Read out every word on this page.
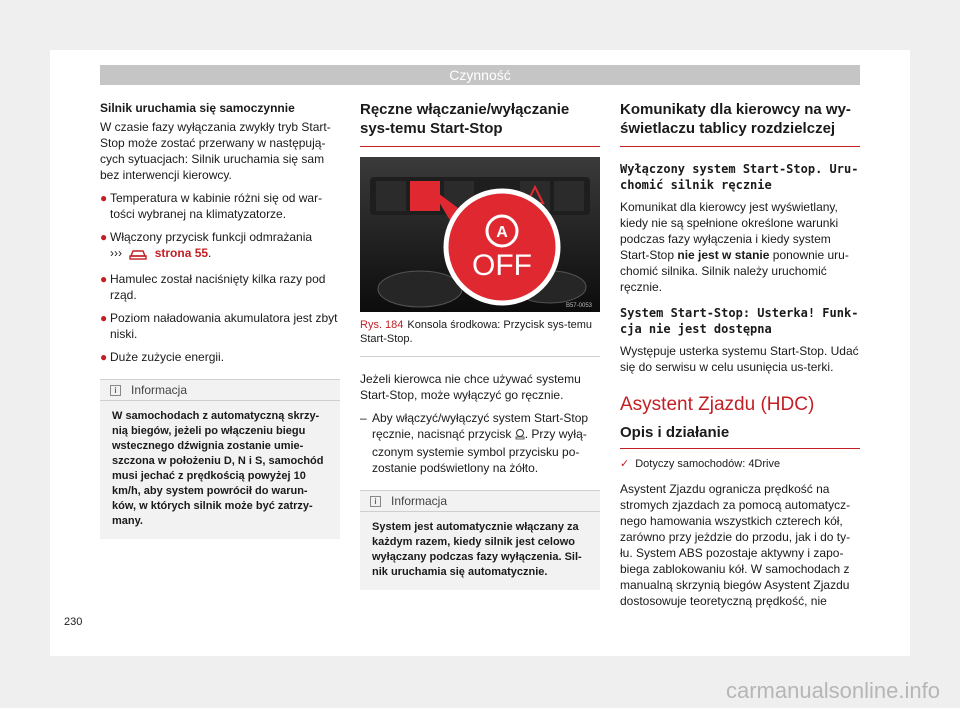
Czynność
Silnik uruchamia się samoczynnie

W czasie fazy wyłączania zwykły tryb Start-Stop może zostać przerwany w następują-cych sytuacjach: Silnik uruchamia się sam bez interwencji kierowcy.

● Temperatura w kabinie różni się od war-tości wybranej na klimatyzatorze.

● Włączony przycisk funkcji odmrażania
›››	strona 55.

● Hamulec został naciśnięty kilka razy pod rząd.

● Poziom naładowania akumulatora jest zbyt niski.

● Duże zużycie energii.

i	Informacja
W samochodach z automatyczną skrzy-nią biegów, jeżeli po włączeniu biegu wstecznego dźwignia zostanie umie-szczona w położeniu D, N i S, samochód musi jechać z prędkością powyżej 10 km/h, aby system powrócił do warun-ków, w których silnik może być zatrzy-many.
Ręczne włączanie/wyłączanie sys-temu Start-Stop
A
OFF
B57-0053

Rys. 184 Konsola środkowa: Przycisk sys-temu Start-Stop.

Jeżeli kierowca nie chce używać systemu Start-Stop, może wyłączyć go ręcznie.

– Aby włączyć/wyłączyć system Start-Stop ręcznie, nacisnąć przycisk . Przy wyłą-czonym systemie symbol przycisku po-zostanie podświetlony na żółto.

i	Informacja
System jest automatycznie włączany za każdym razem, kiedy silnik jest celowo wyłączany podczas fazy wyłączenia. Sil-nik uruchamia się automatycznie.
Komunikaty dla kierowcy na wy-świetlaczu tablicy rozdzielczej

Wyłączony system Start-Stop. Uru-chomić silnik ręcznie

Komunikat dla kierowcy jest wyświetlany, kiedy nie są spełnione określone warunki podczas fazy wyłączenia i kiedy system Start-Stop nie jest w stanie ponownie uru-chomić silnika. Silnik należy uruchomić ręcznie.

System Start-Stop: Usterka! Funk-cja nie jest dostępna

Występuje usterka systemu Start-Stop. Udać się do serwisu w celu usunięcia us-terki.

Asystent Zjazdu (HDC)
Opis i działanie

✓ Dotyczy samochodów: 4Drive

Asystent Zjazdu ogranicza prędkość na stromych zjazdach za pomocą automatycz-nego hamowania wszystkich czterech kół, zarówno przy jeżdzie do przodu, jak i do ty-łu. System ABS pozostaje aktywny i zapo-biega zablokowaniu kół. W samochodach z manualną skrzynią biegów Asystent Zjazdu dostosowuje teoretyczną prędkość, nie

230
carmanualsonline.info
